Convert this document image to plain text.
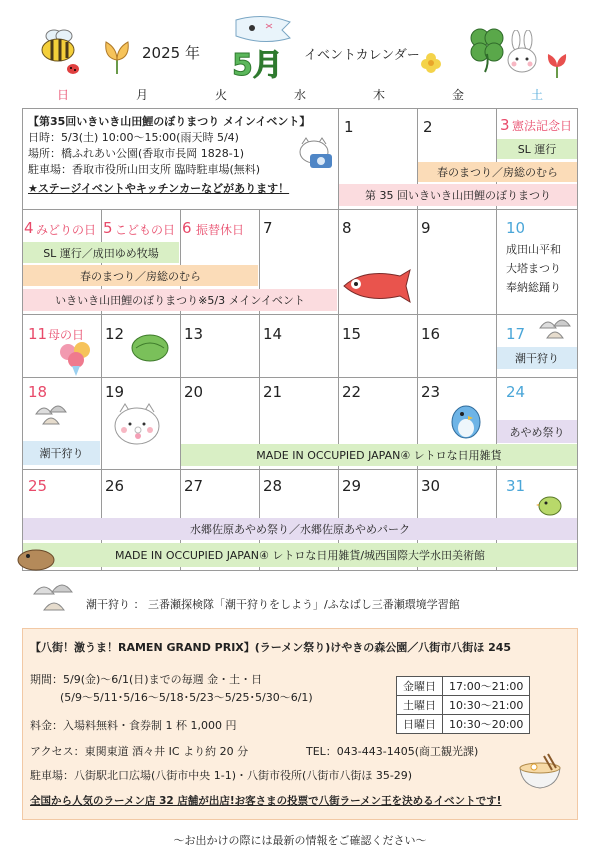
2025 年 5月 イベントカレンダー
日	月	火	水	木	金	土
【第35回いきいき山田鯉のぼりまつり メインイベント】
日時：5/3(土) 10:00～15:00(雨天時 5/4)
場所：橋ふれあい公園(香取市長岡 1828-1)
駐車場：香取市役所山田支所 臨時駐車場(無料)
★ステージイベントやキッチンカーなどがあります！
1	2	3 憲法記念日
SL 運行
春のまつり／房総のむら
第 35 回いきいき山田鯉のぼりまつり
4 みどりの日 5 こどもの日 6 振替休日 7	8	9	10
SL 運行／成田ゆめ牧場
春のまつり／房総のむら
いきいき山田鯉のぼりまつり※5/3 メインイベント
成田山平和
大塔まつり
奉納総踊り
11 母の日 12	13	14	15	16	17
潮干狩り
18	19	20	21	22	23	24
潮干狩り
あやめ祭り
MADE IN OCCUPIED JAPAN④ レトロな日用雑貨
25	26	27	28	29	30	31
水郷佐原あやめ祭り／水郷佐原あやめパーク
MADE IN OCCUPIED JAPAN④ レトロな日用雑貨/城西国際大学水田美術館
潮干狩り ： 三番瀬探検隊「潮干狩りをしよう」/ふなばし三番瀬環境学習館
【八街！激うま！RAMEN GRAND PRIX】(ラーメン祭り)けやきの森公園／八街市八街ほ 245
期間：5/9(金)～6/1(日)までの毎週 金・土・日
(5/9～5/11･5/16～5/18･5/23～5/25･5/30～6/1)
料金：入場料無料・食券制 1 杯 1,000 円
アクセス：東関東道 酒々井 IC より約 20 分	TEL：043-443-1405(商工観光課)
駐車場：八街駅北口広場(八街市中央 1-1)・八街市役所(八街市八街ほ 35-29)
全国から人気のラーメン店 32 店舗が出店!お客さまの投票で八街ラーメン王を決めるイベントです!
金曜日	17:00～21:00
土曜日	10:30～21:00
日曜日	10:30～20:00
～お出かけの際には最新の情報をご確認ください～
